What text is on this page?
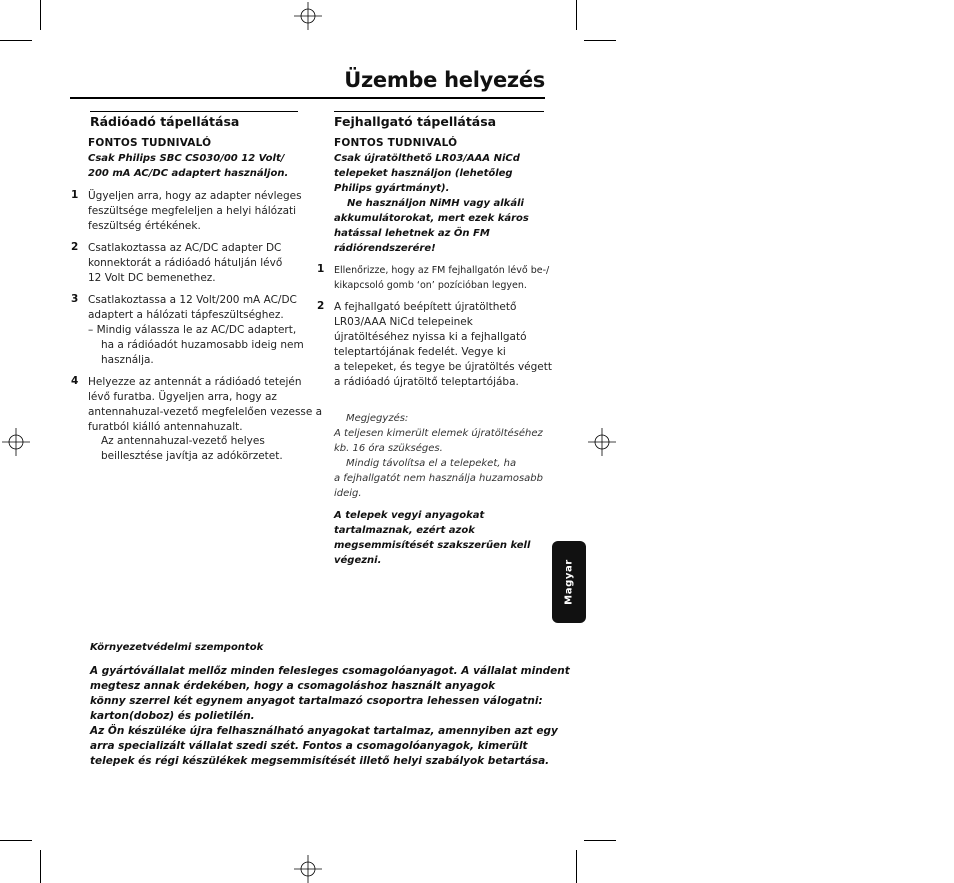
Üzembe helyezés
Rádióadó tápellátása
FONTOS TUDNIVALÓ
Csak Philips SBC CS030/00 12 Volt/
200 mA AC/DC adaptert használjon.
1 Ügyeljen arra, hogy az adapter névleges
feszültsége megfeleljen a helyi hálózati
feszültség értékének.
2 Csatlakoztassa az AC/DC adapter DC
konnektorát a rádióadó hátulján lévő
12 Volt DC bemenethez.
3 Csatlakoztassa a 12 Volt/200 mA AC/DC
adaptert a hálózati tápfeszültséghez.
– Mindig válassza le az AC/DC adaptert,
ha a rádióadót huzamosabb ideig nem
használja.
4 Helyezze az antennát a rádióadó tetején
lévő furatba. Ügyeljen arra, hogy az
antennahuzal-vezető megfelelően vezesse a
furatból kiálló antennahuzalt.
Az antennahuzal-vezető helyes
beillesztése javítja az adókörzetet.
Fejhallgató tápellátása
FONTOS TUDNIVALÓ
Csak újratölthető LR03/AAA NiCd
telepeket használjon (lehetőleg
Philips gyártmányt).
Ne használjon NiMH vagy alkáli
akkumulátorokat, mert ezek káros
hatással lehetnek az Ön FM
rádiórendszerére!
1 Ellenőrizze, hogy az FM fejhallgatón lévő be-/
kikapcsoló gomb ‘on’ pozícióban legyen.
2 A fejhallgató beépített újratölthető
LR03/AAA NiCd telepeinek
újratöltéséhez nyissa ki a fejhallgató
teleptartójának fedelét. Vegye ki
a telepeket, és tegye be újratöltés végett
a rádióadó újratöltő teleptartójába.
Megjegyzés:
A teljesen kimerült elemek újratöltéséhez
kb. 16 óra szükséges.
Mindig távolítsa el a telepeket, ha
a fejhallgatót nem használja huzamosabb
ideig.
A telepek vegyi anyagokat
tartalmaznak, ezért azok
megsemmisítését szakszerűen kell
végezni.	Magyar
Környezetvédelmi szempontok
A gyártóvállalat mellőz minden felesleges csomagolóanyagot. A vállalat mindent
megtesz annak érdekében, hogy a csomagoláshoz használt anyagok
könny szerrel két egynem anyagot tartalmazó csoportra lehessen válogatni:
karton(doboz) és polietilén.
Az Ön készüléke újra felhasználható anyagokat tartalmaz, amennyiben azt egy
arra specializált vállalat szedi szét. Fontos a csomagolóanyagok, kimerült
telepek és régi készülékek megsemmisítését illető helyi szabályok betartása.
